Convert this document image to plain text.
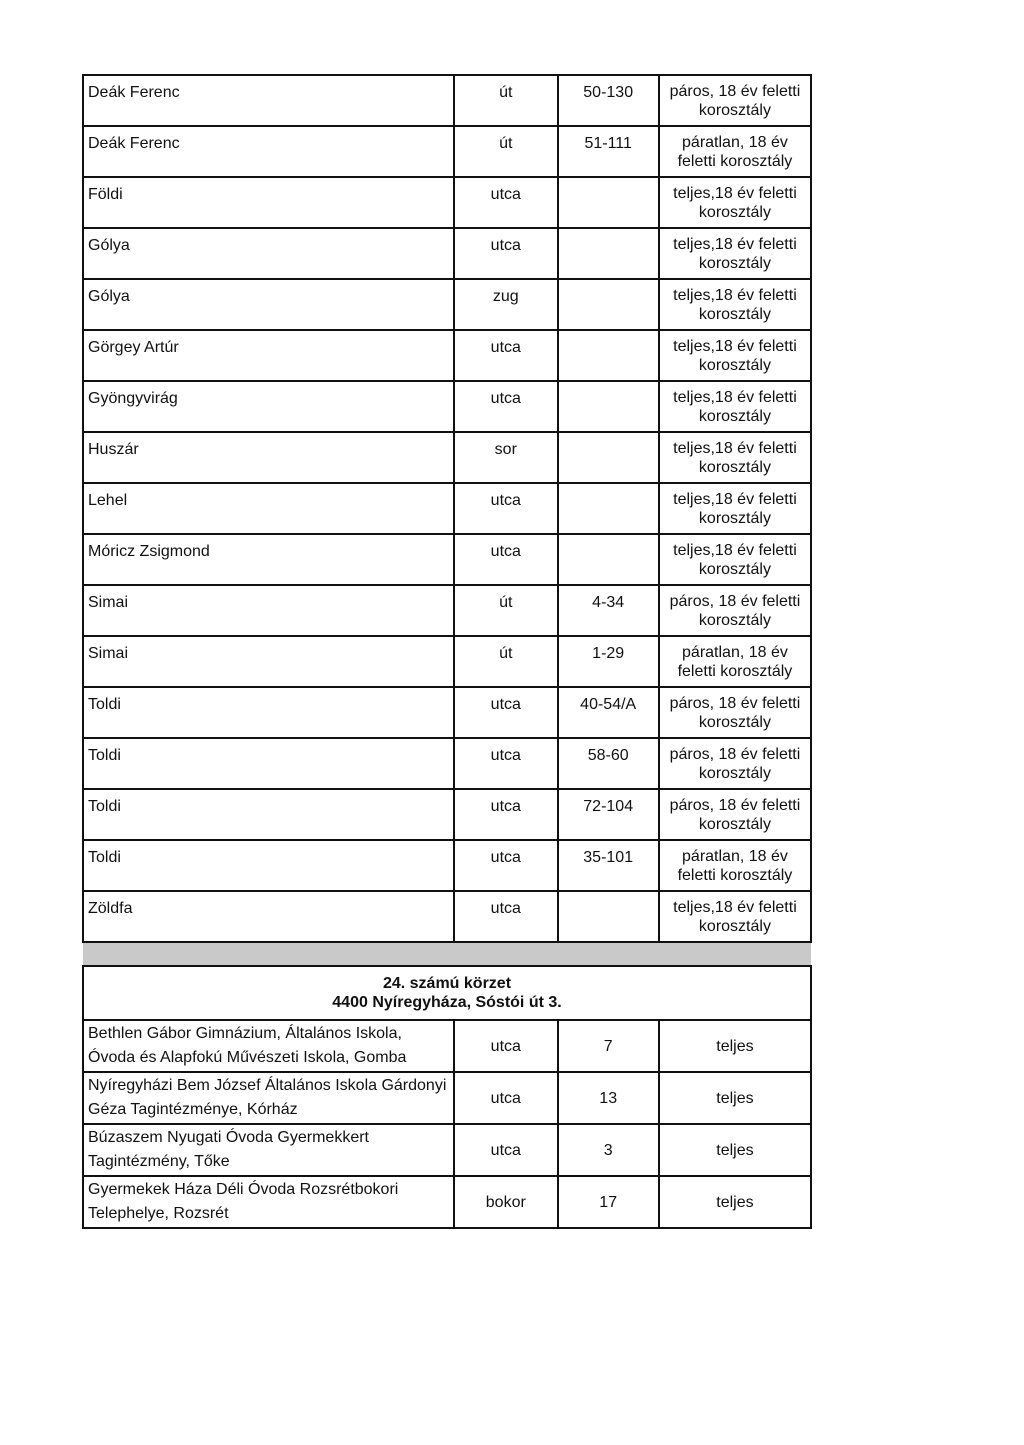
Deák Ferenc	út	50-130	páros, 18 év feletti korosztály
Deák Ferenc	út	51-111	páratlan, 18 év feletti korosztály
Földi	utca		teljes,18 év feletti korosztály
Gólya	utca		teljes,18 év feletti korosztály
Gólya	zug		teljes,18 év feletti korosztály
Görgey Artúr	utca		teljes,18 év feletti korosztály
Gyöngyvirág	utca		teljes,18 év feletti korosztály
Huszár	sor		teljes,18 év feletti korosztály
Lehel	utca		teljes,18 év feletti korosztály
Móricz Zsigmond	utca		teljes,18 év feletti korosztály
Simai	út	4-34	páros, 18 év feletti korosztály
Simai	út	1-29	páratlan, 18 év feletti korosztály
Toldi	utca	40-54/A	páros, 18 év feletti korosztály
Toldi	utca	58-60	páros, 18 év feletti korosztály
Toldi	utca	72-104	páros, 18 év feletti korosztály
Toldi	utca	35-101	páratlan, 18 év feletti korosztály
Zöldfa	utca		teljes,18 év feletti korosztály

24. számú körzet
4400 Nyíregyháza, Sóstói út 3.			

Bethlen Gábor Gimnázium, Általános Iskola, Óvoda és Alapfokú Művészeti Iskola, Gomba	utca	7	teljes
Nyíregyházi Bem József Általános Iskola Gárdonyi Géza Tagintézménye, Kórház	utca	13	teljes
Búzaszem Nyugati Óvoda Gyermekkert Tagintézmény, Tőke	utca	3	teljes
Gyermekek Háza Déli Óvoda Rozsrétbokori Telephelye, Rozsrét	bokor	17	teljes
